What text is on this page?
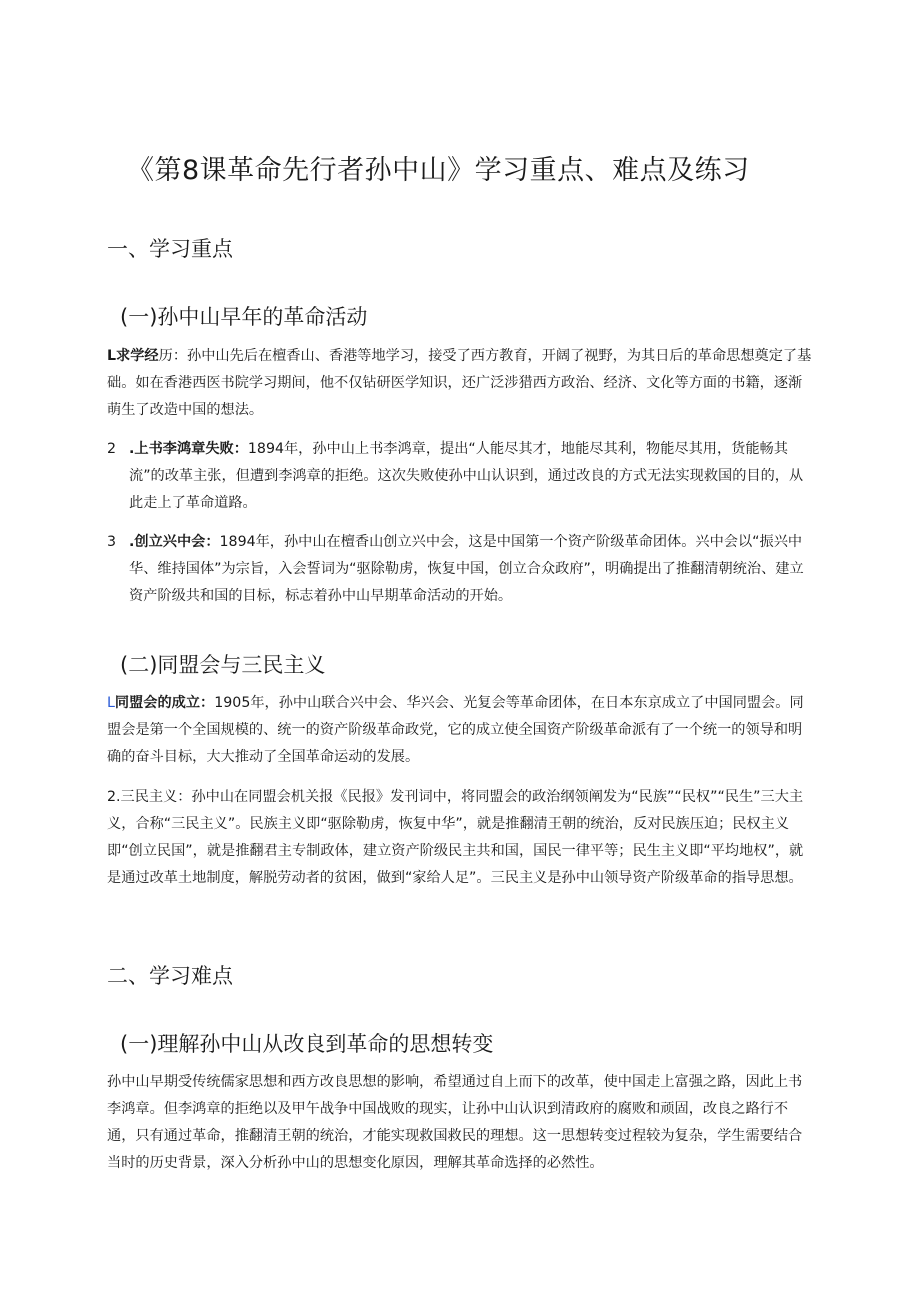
《第8课革命先行者孙中山》学习重点、难点及练习
一、学习重点
(一)孙中山早年的革命活动

L求学经历：孙中山先后在檀香山、香港等地学习，接受了西方教育，开阔了视野，为其日后的革命思想奠定了基础。如在香港西医书院学习期间，他不仅钻研医学知识，还广泛涉猎西方政治、经济、文化等方面的书籍，逐渐萌生了改造中国的想法。

2 .上书李鸿章失败：1894年，孙中山上书李鸿章，提出“人能尽其才，地能尽其利，物能尽其用，货能畅其流”的改革主张，但遭到李鸿章的拒绝。这次失败使孙中山认识到，通过改良的方式无法实现救国的目的，从此走上了革命道路。
3 .创立兴中会：1894年，孙中山在檀香山创立兴中会，这是中国第一个资产阶级革命团体。兴中会以“振兴中华、维持国体”为宗旨，入会誓词为“驱除勒虏，恢复中国，创立合众政府”，明确提出了推翻清朝统治、建立资产阶级共和国的目标，标志着孙中山早期革命活动的开始。
(二)同盟会与三民主义

L同盟会的成立：1905年，孙中山联合兴中会、华兴会、光复会等革命团体，在日本东京成立了中国同盟会。同盟会是第一个全国规模的、统一的资产阶级革命政党，它的成立使全国资产阶级革命派有了一个统一的领导和明确的奋斗目标，大大推动了全国革命运动的发展。

2.三民主义：孙中山在同盟会机关报《民报》发刊词中，将同盟会的政治纲领阐发为“民族”“民权”“民生”三大主义，合称“三民主义”。民族主义即“驱除勒虏，恢复中华”，就是推翻清王朝的统治，反对民族压迫；民权主义即“创立民国”，就是推翻君主专制政体，建立资产阶级民主共和国，国民一律平等；民生主义即“平均地权”，就是通过改革土地制度，解脱劳动者的贫困，做到“家给人足”。三民主义是孙中山领导资产阶级革命的指导思想。

二、学习难点
(一)理解孙中山从改良到革命的思想转变

孙中山早期受传统儒家思想和西方改良思想的影响，希望通过自上而下的改革，使中国走上富强之路，因此上书李鸿章。但李鸿章的拒绝以及甲午战争中国战败的现实，让孙中山认识到清政府的腐败和顽固，改良之路行不通，只有通过革命，推翻清王朝的统治，才能实现救国救民的理想。这一思想转变过程较为复杂，学生需要结合当时的历史背景，深入分析孙中山的思想变化原因，理解其革命选择的必然性。
